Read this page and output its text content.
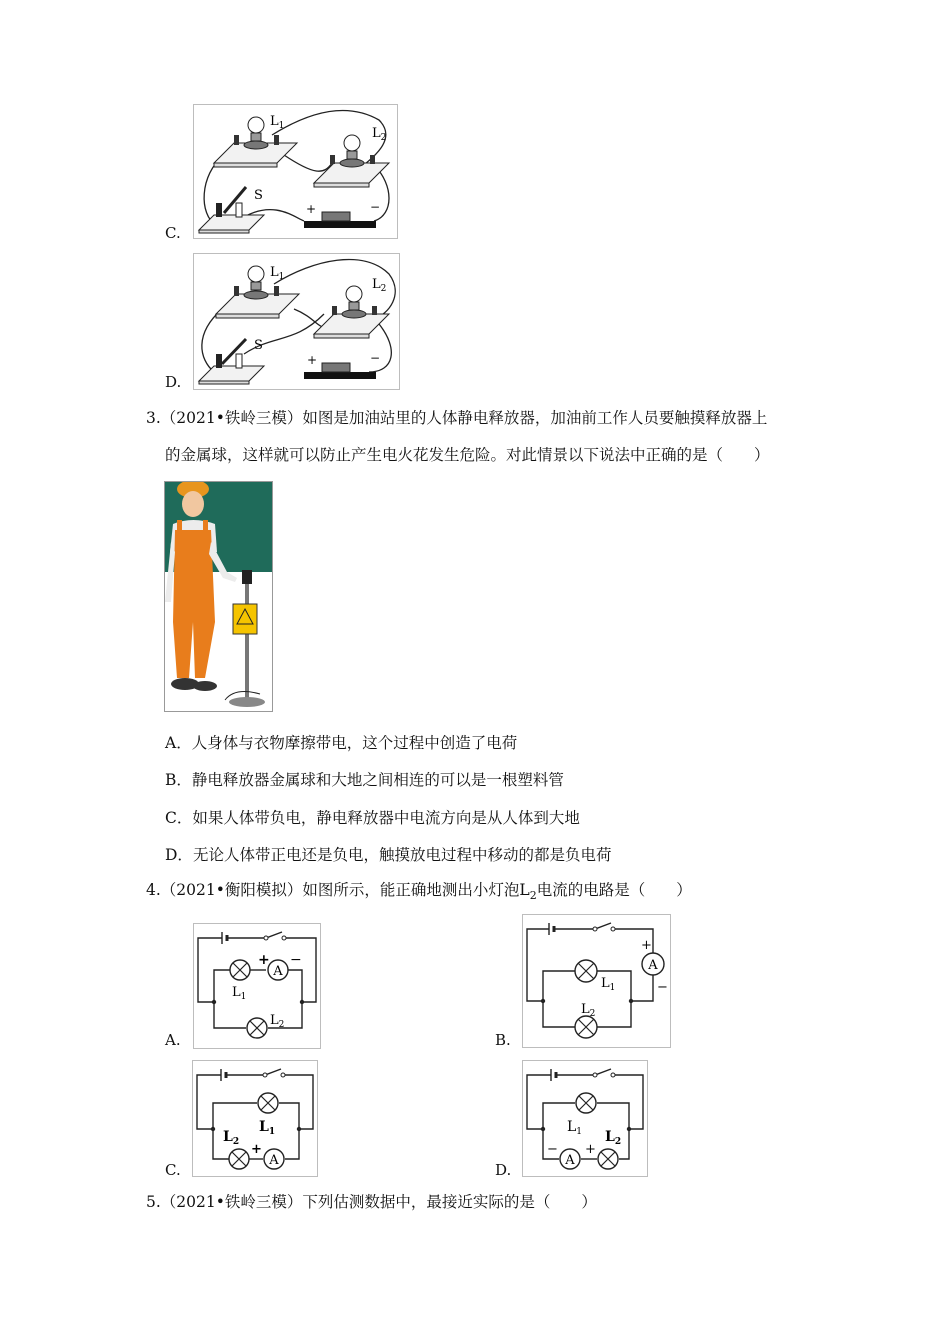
C.
$L_1$	$L_2$
S
+	−
D.
$L_1$	$L_2$
S
+	−
3.（2021•铁岭三模）如图是加油站里的人体静电释放器，加油前工作人员要触摸释放器上
的金属球，这样就可以防止产生电火花发生危险。对此情景以下说法中正确的是（　　）
A．人身体与衣物摩擦带电，这个过程中创造了电荷
B．静电释放器金属球和大地之间相连的可以是一根塑料管
C．如果人体带负电，静电释放器中电流方向是从人体到大地
D．无论人体带正电还是负电，触摸放电过程中移动的都是负电荷
4.（2021•衡阳模拟）如图所示，能正确地测出小灯泡$L_2$电流的电路是（　　）
A.
A
+ −
$L_1$
$L_2$
B.
A
+
−
$L_1$
$L_2$
C.
$L_1$
$L_2$
A
+
D.
$L_1$
A
− +
$L_2$
5.（2021•铁岭三模）下列估测数据中，最接近实际的是（　　）
